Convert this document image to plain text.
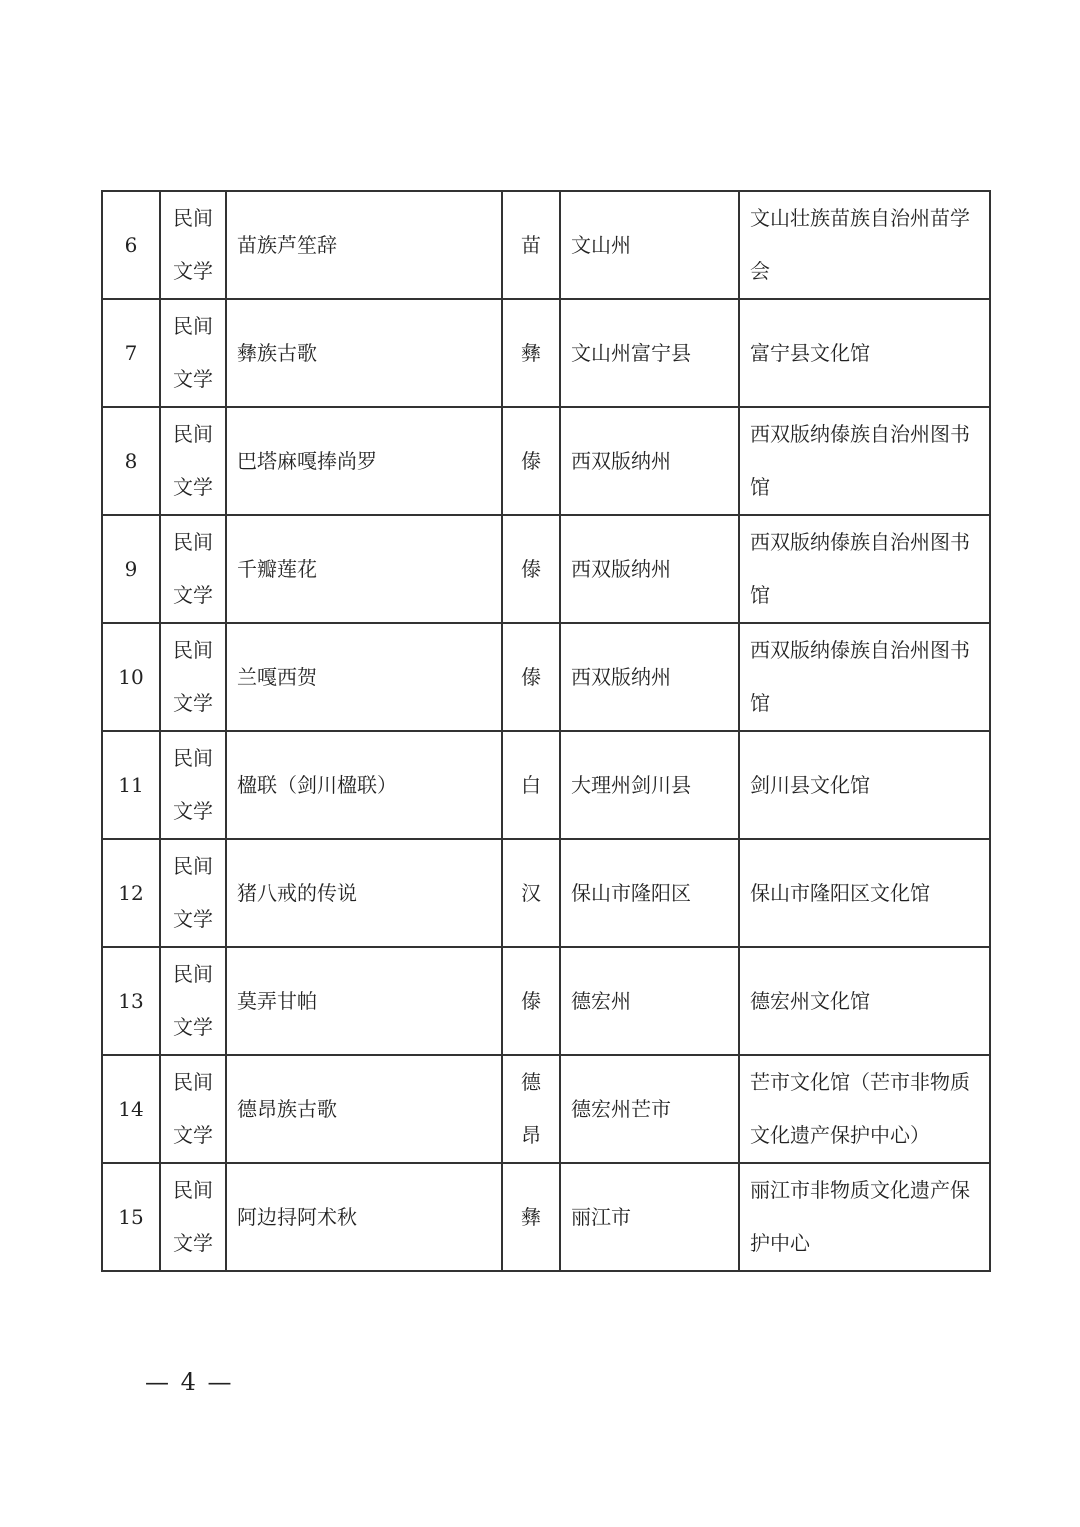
6	民间文学	苗族芦笙辞	苗	文山州	文山壮族苗族自治州苗学会
7	民间文学	彝族古歌	彝	文山州富宁县	富宁县文化馆
8	民间文学	巴塔麻嘎捧尚罗	傣	西双版纳州	西双版纳傣族自治州图书馆
9	民间文学	千瓣莲花	傣	西双版纳州	西双版纳傣族自治州图书馆
10	民间文学	兰嘎西贺	傣	西双版纳州	西双版纳傣族自治州图书馆
11	民间文学	楹联（剑川楹联）	白	大理州剑川县	剑川县文化馆
12	民间文学	猪八戒的传说	汉	保山市隆阳区	保山市隆阳区文化馆
13	民间文学	莫弄甘帕	傣	德宏州	德宏州文化馆
14	民间文学	德昂族古歌	德昂	德宏州芒市	芒市文化馆（芒市非物质文化遗产保护中心）
15	民间文学	阿边挦阿术秋	彝	丽江市	丽江市非物质文化遗产保护中心
— 4 —
